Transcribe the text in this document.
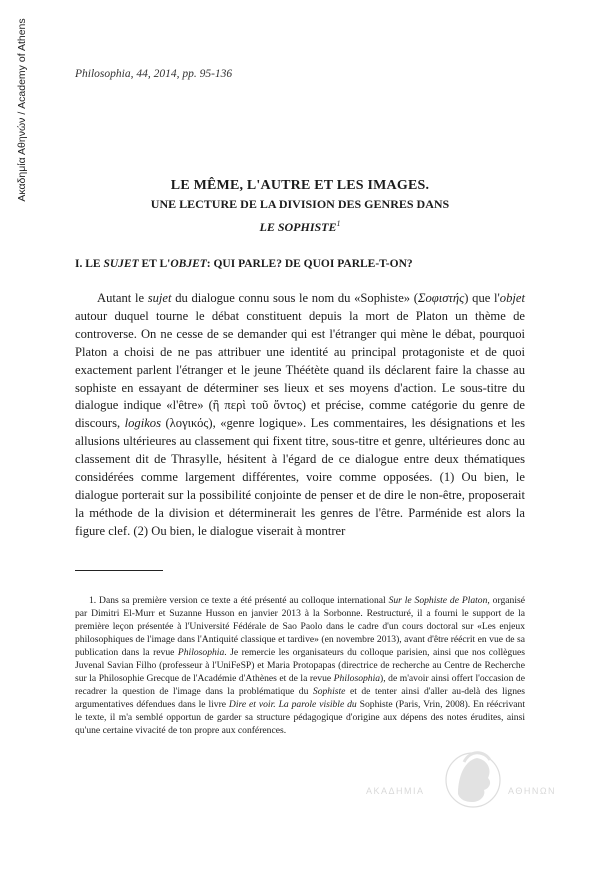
Ακαδημία Αθηνών / Academy of Athens	Philosophia, 44, 2014, pp. 95-136
LE MÊME, L'AUTRE ET LES IMAGES.
UNE LECTURE DE LA DIVISION DES GENRES DANS
LE SOPHISTE$^1$
I. LE SUJET ET L'OBJET: QUI PARLE? DE QUOI PARLE-T-ON?
Autant le sujet du dialogue connu sous le nom du «Sophiste» (Σοφιστής) que l'objet autour duquel tourne le débat constituent depuis la mort de Platon un thème de controverse. On ne cesse de se demander qui est l'étranger qui mène le débat, pourquoi Platon a choisi de ne pas attribuer une identité au principal protagoniste et de quoi exactement parlent l'étranger et le jeune Théétète quand ils déclarent faire la chasse au sophiste en essayant de déterminer ses lieux et ses moyens d'action. Le sous-titre du dialogue indique «l'être» (ἢ περὶ τοῦ ὄντος) et précise, comme catégorie du genre de discours, logikos (λογικός), «genre logique». Les commentaires, les désignations et les allusions ultérieures au classement qui fixent titre, sous-titre et genre, ultérieures donc au classement dit de Thrasylle, hésitent à l'égard de ce dialogue entre deux thématiques considérées comme largement différentes, voire comme opposées. (1) Ou bien, le dialogue porterait sur la possibilité conjointe de penser et de dire le non-être, proposerait la méthode de la division et déterminerait les genres de l'être. Parménide est alors la figure clef. (2) Ou bien, le dialogue viserait à montrer
1. Dans sa première version ce texte a été présenté au colloque international Sur le Sophiste de Platon, organisé par Dimitri El-Murr et Suzanne Husson en janvier 2013 à la Sorbonne. Restructuré, il a fourni le support de la première leçon présentée à l'Université Fédérale de Sao Paolo dans le cadre d'un cours doctoral sur «Les enjeux philosophiques de l'image dans l'Antiquité classique et tardive» (en novembre 2013), avant d'être réécrit en vue de sa publication dans la revue Philosophia. Je remercie les organisateurs du colloque parisien, ainsi que nos collègues Juvenal Savian Filho (professeur à l'UniFeSP) et Maria Protopapas (directrice de recherche au Centre de Recherche sur la Philosophie Grecque de l'Académie d'Athènes et de la revue Philosophia), de m'avoir ainsi offert l'occasion de recadrer la question de l'image dans la problématique du Sophiste et de tenter ainsi d'aller au-delà des lignes argumentatives défendues dans le livre Dire et voir. La parole visible du Sophiste (Paris, Vrin, 2008). En réécrivant le texte, il m'a semblé opportun de garder sa structure pédagogique d'origine aux dépens des notes érudites, ainsi qu'une certaine vivacité de ton propre aux conférences.
ΑΚΑΔΗΜΙΑ	ΑΘΗΝΩΝ
